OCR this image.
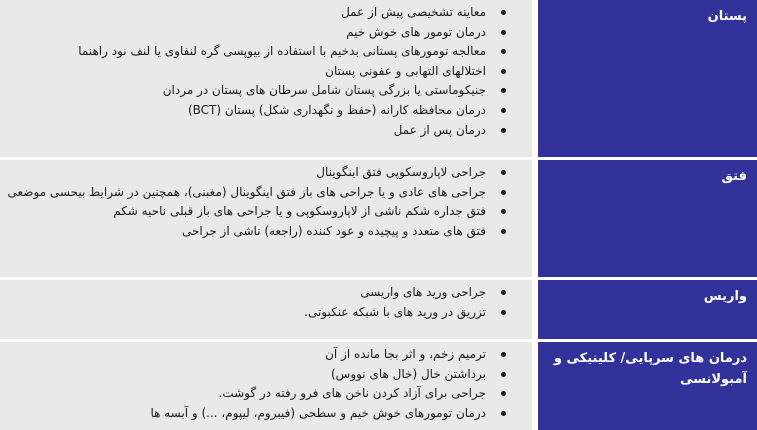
معاینه تشخیصی پیش از عمل
درمان تومور های خوش خیم
معالجه تومورهای پستانی بدخیم با استفاده از بیوپسی گره لنفاوی یا لنف نود راهنما
اختلالهای التهابی و عفونی پستان
جنیکوماستی یا بزرگی پستان شامل سرطان های پستان در مردان
درمان محافظه کارانه (حفظ و نگهداری شکل) پستان (BCT)
درمان پس از عمل
پستان
جراحی لاپاروسکوپی فتق اینگوینال
جراحی های عادی و یا جراحی های باز فتق اینگوینال (مغبنی)، همچنین در شرایط بیحسی موضعی
فتق جداره شکم ناشی از لاپاروسکوپی و یا جراحی های باز قبلی ناحیه شکم
فتق های متعدد و پیچیده و عود کننده (راجعه) ناشی از جراحی
فتق
جراحی ورید های واریسی
تزریق در ورید های با شبکه عنکبوتی.
واریس
ترمیم زخم، و اثر بجا مانده از آن
برداشتن خال (خال های نووس)
جراحی برای آزاد کردن ناخن های فرو رفته در گوشت.
درمان تومورهای خوش خیم و سطحی (فیبروم، لیپوم، ...) و آبسه ها
درمان های سرپایی/ کلینیکی و آمبولانسی
